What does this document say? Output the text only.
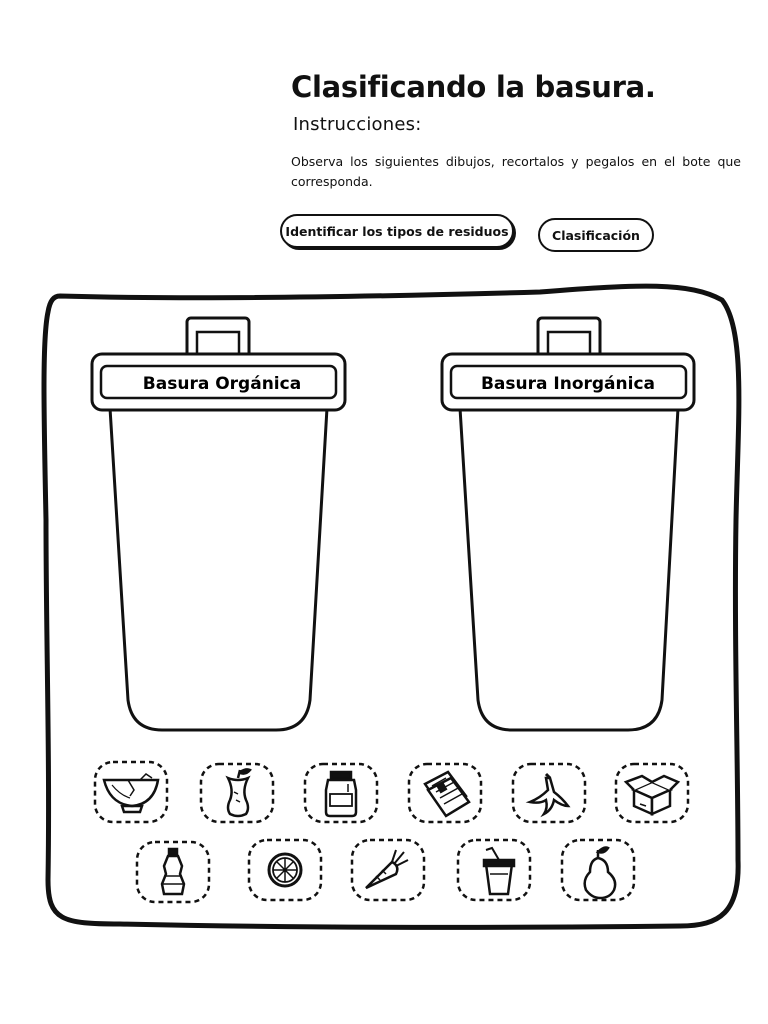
Clasificando la basura.
Instrucciones:
Observa los siguientes dibujos, recortalos y pegalos en el bote que corresponda.
Identificar los tipos de residuos	Clasificación
Basura Orgánica	Basura Inorgánica
